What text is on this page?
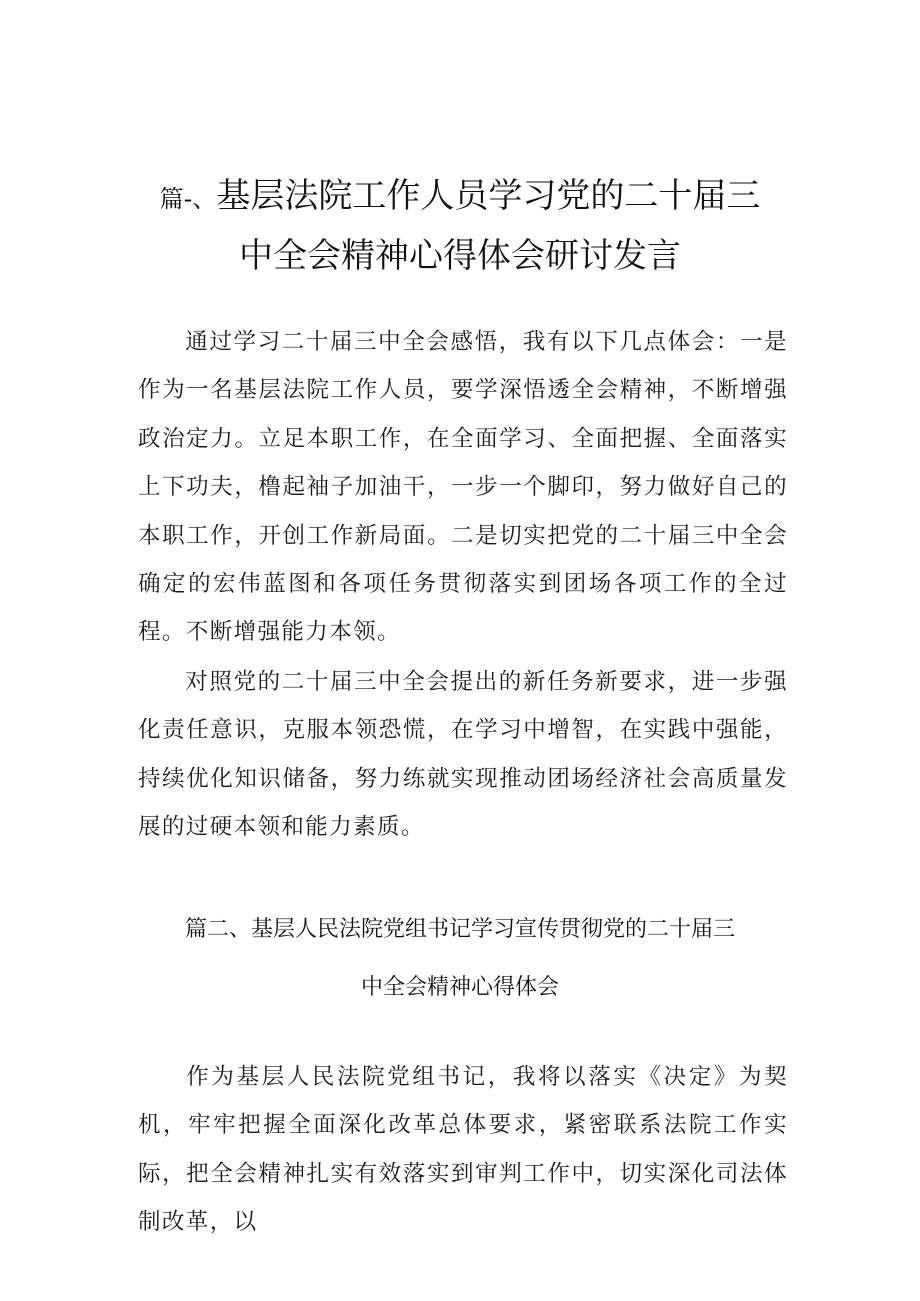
篇-、基层法院工作人员学习党的二十届三
中全会精神心得体会研讨发言

通过学习二十届三中全会感悟，我有以下几点体会：一是作为一名基层法院工作人员，要学深悟透全会精神，不断增强政治定力。立足本职工作，在全面学习、全面把握、全面落实上下功夫，橹起袖子加油干，一步一个脚印，努力做好自己的本职工作，开创工作新局面。二是切实把党的二十届三中全会确定的宏伟蓝图和各项任务贯彻落实到团场各项工作的全过程。不断增强能力本领。

对照党的二十届三中全会提出的新任务新要求，进一步强化责任意识，克服本领恐慌，在学习中增智，在实践中强能，持续优化知识储备，努力练就实现推动团场经济社会高质量发展的过硬本领和能力素质。

篇二、基层人民法院党组书记学习宣传贯彻党的二十届三
中全会精神心得体会

作为基层人民法院党组书记，我将以落实《决定》为契机，牢牢把握全面深化改革总体要求，紧密联系法院工作实际，把全会精神扎实有效落实到审判工作中，切实深化司法体制改革，以
